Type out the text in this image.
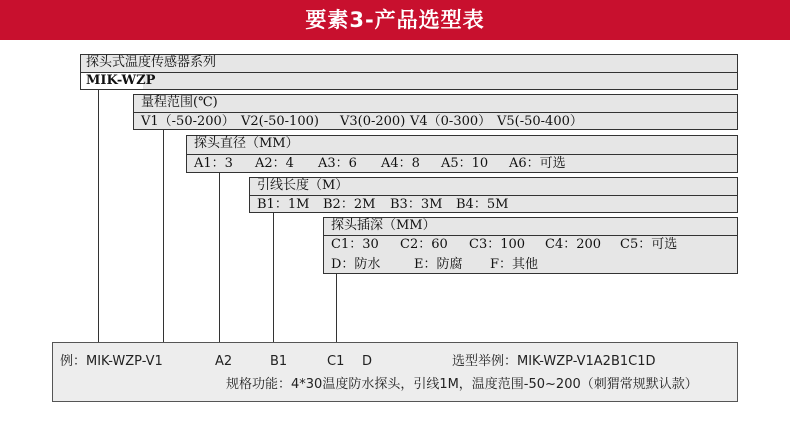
要素3-产品选型表
探头式温度传感器系列
MIK-WZP
量程范围(℃)
V1（-50-200） V2(-50-100) V3(0-200) V4（0-300） V5(-50-400）
探头直径（MM）
A1：3 A2：4 A3：6 A4：8 A5：10 A6：可选
引线长度（M）
B1：1M B2：2M B3：3M B4：5M
探头插深（MM）
C1：30 C2：60 C3：100 C4：200 C5：可选
D：防水	E：防腐 F：其他
例：MIK-WZP-V1	A2	B1	C1 D	选型举例：MIK-WZP-V1A2B1C1D
规格功能：4*30温度防水探头，引线1M，温度范围-50~200（刺猬常规默认款）
